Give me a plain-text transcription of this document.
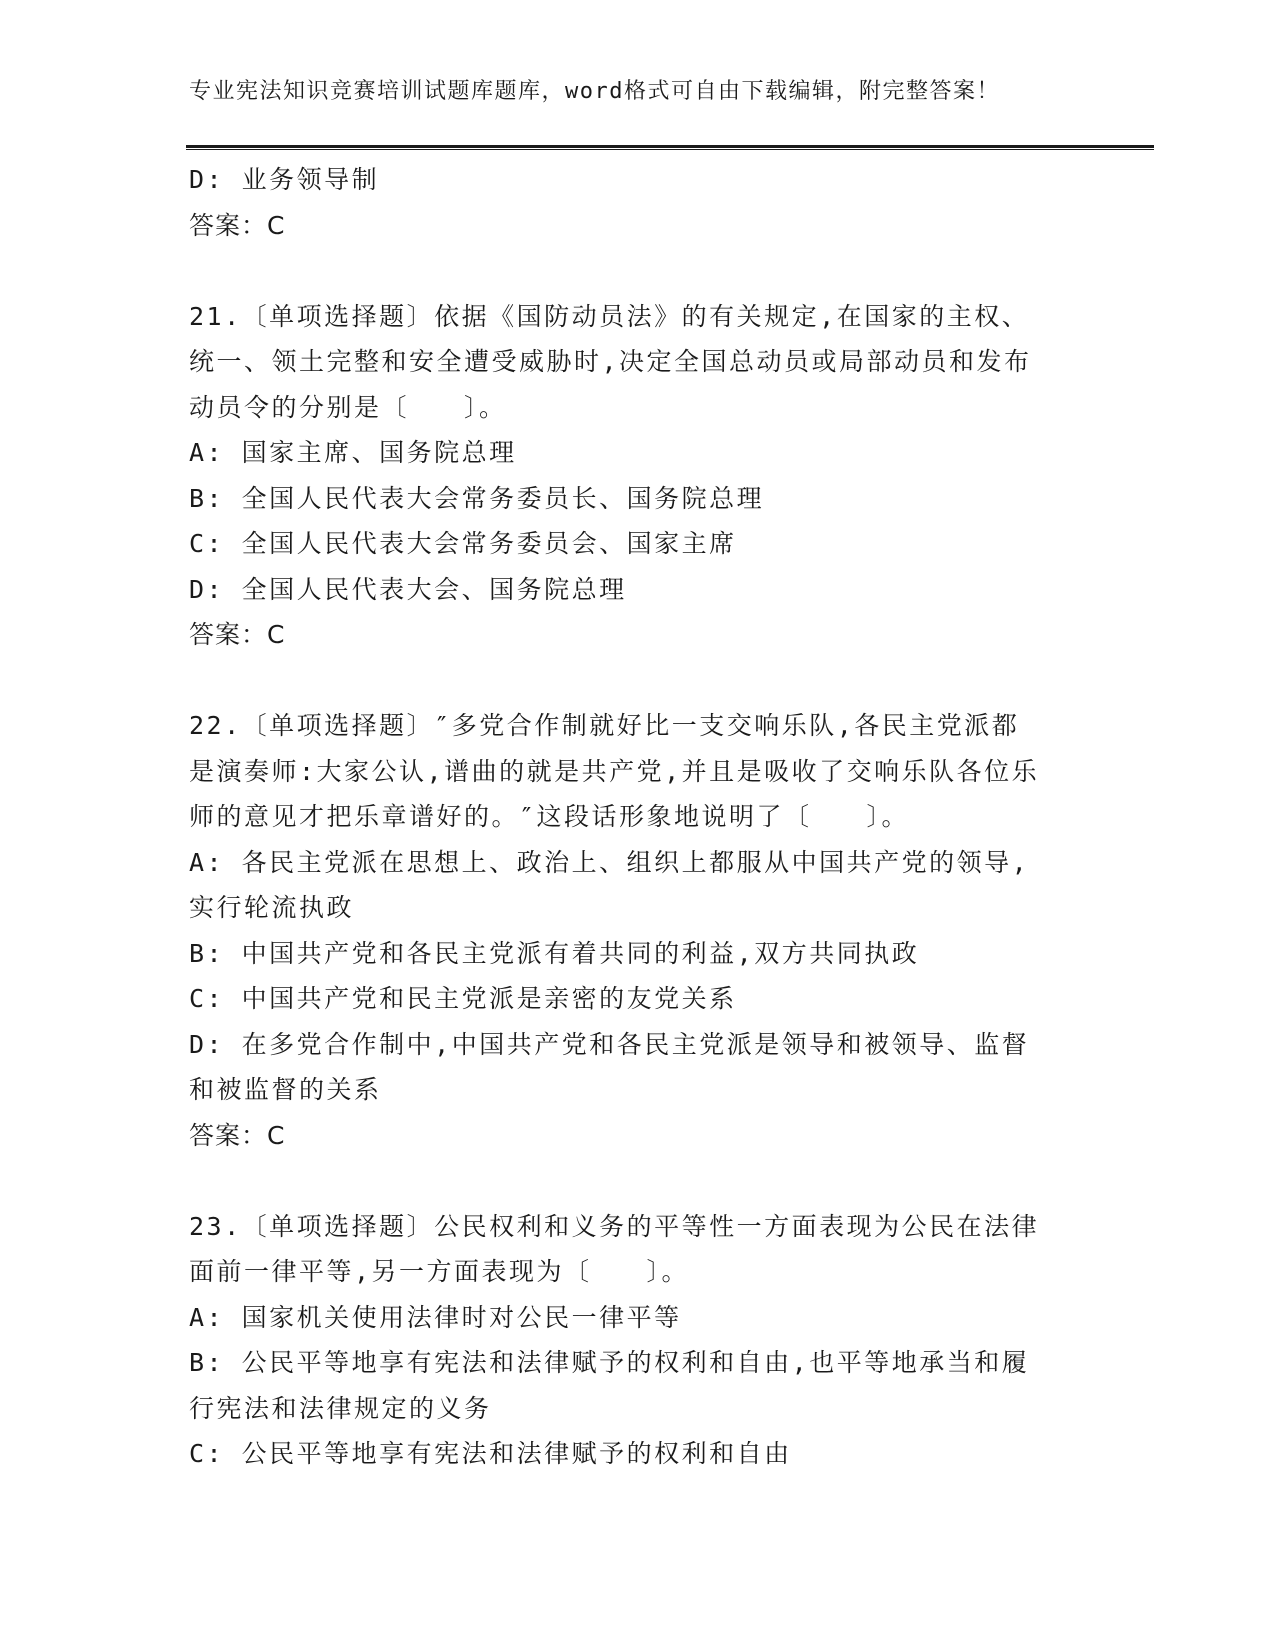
专业宪法知识竞赛培训试题库题库，word格式可自由下载编辑，附完整答案！
D: 业务领导制
答案：C
21.〔单项选择题〕依据《国防动员法》的有关规定,在国家的主权、
统一、领土完整和安全遭受威胁时,决定全国总动员或局部动员和发布
动员令的分别是〔　　〕。
A: 国家主席、国务院总理
B: 全国人民代表大会常务委员长、国务院总理
C: 全国人民代表大会常务委员会、国家主席
D: 全国人民代表大会、国务院总理
答案：C
22.〔单项选择题〕″多党合作制就好比一支交响乐队,各民主党派都
是演奏师:大家公认,谱曲的就是共产党,并且是吸收了交响乐队各位乐
师的意见才把乐章谱好的。″这段话形象地说明了〔　　〕。
A: 各民主党派在思想上、政治上、组织上都服从中国共产党的领导,
实行轮流执政
B: 中国共产党和各民主党派有着共同的利益,双方共同执政
C: 中国共产党和民主党派是亲密的友党关系
D: 在多党合作制中,中国共产党和各民主党派是领导和被领导、监督
和被监督的关系
答案：C
23.〔单项选择题〕公民权利和义务的平等性一方面表现为公民在法律
面前一律平等,另一方面表现为〔　　〕。
A: 国家机关使用法律时对公民一律平等
B: 公民平等地享有宪法和法律赋予的权利和自由,也平等地承当和履
行宪法和法律规定的义务
C: 公民平等地享有宪法和法律赋予的权利和自由
